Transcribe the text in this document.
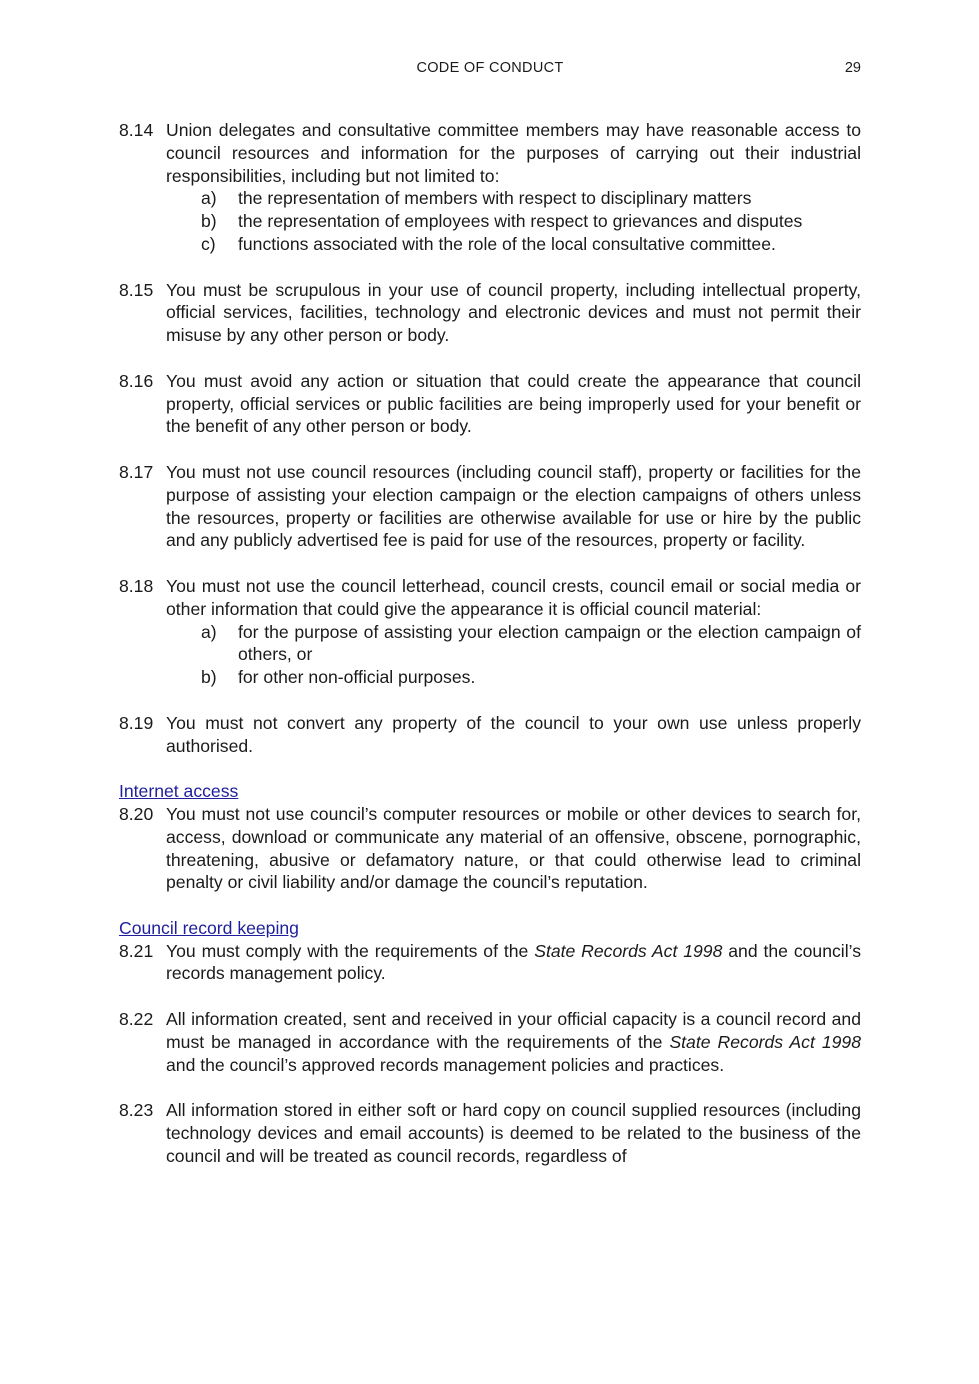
CODE OF CONDUCT	29
8.14 Union delegates and consultative committee members may have reasonable access to council resources and information for the purposes of carrying out their industrial responsibilities, including but not limited to:
a)	the representation of members with respect to disciplinary matters
b)	the representation of employees with respect to grievances and disputes
c)	functions associated with the role of the local consultative committee.
8.15 You must be scrupulous in your use of council property, including intellectual property, official services, facilities, technology and electronic devices and must not permit their misuse by any other person or body.
8.16 You must avoid any action or situation that could create the appearance that council property, official services or public facilities are being improperly used for your benefit or the benefit of any other person or body.
8.17 You must not use council resources (including council staff), property or facilities for the purpose of assisting your election campaign or the election campaigns of others unless the resources, property or facilities are otherwise available for use or hire by the public and any publicly advertised fee is paid for use of the resources, property or facility.
8.18 You must not use the council letterhead, council crests, council email or social media or other information that could give the appearance it is official council material:
a)	for the purpose of assisting your election campaign or the election campaign of others, or
b)	for other non-official purposes.
8.19 You must not convert any property of the council to your own use unless properly authorised.
Internet access
8.20 You must not use council’s computer resources or mobile or other devices to search for, access, download or communicate any material of an offensive, obscene, pornographic, threatening, abusive or defamatory nature, or that could otherwise lead to criminal penalty or civil liability and/or damage the council’s reputation.
Council record keeping
8.21 You must comply with the requirements of the State Records Act 1998 and the council’s records management policy.
8.22 All information created, sent and received in your official capacity is a council record and must be managed in accordance with the requirements of the State Records Act 1998 and the council’s approved records management policies and practices.
8.23 All information stored in either soft or hard copy on council supplied resources (including technology devices and email accounts) is deemed to be related to the business of the council and will be treated as council records, regardless of
